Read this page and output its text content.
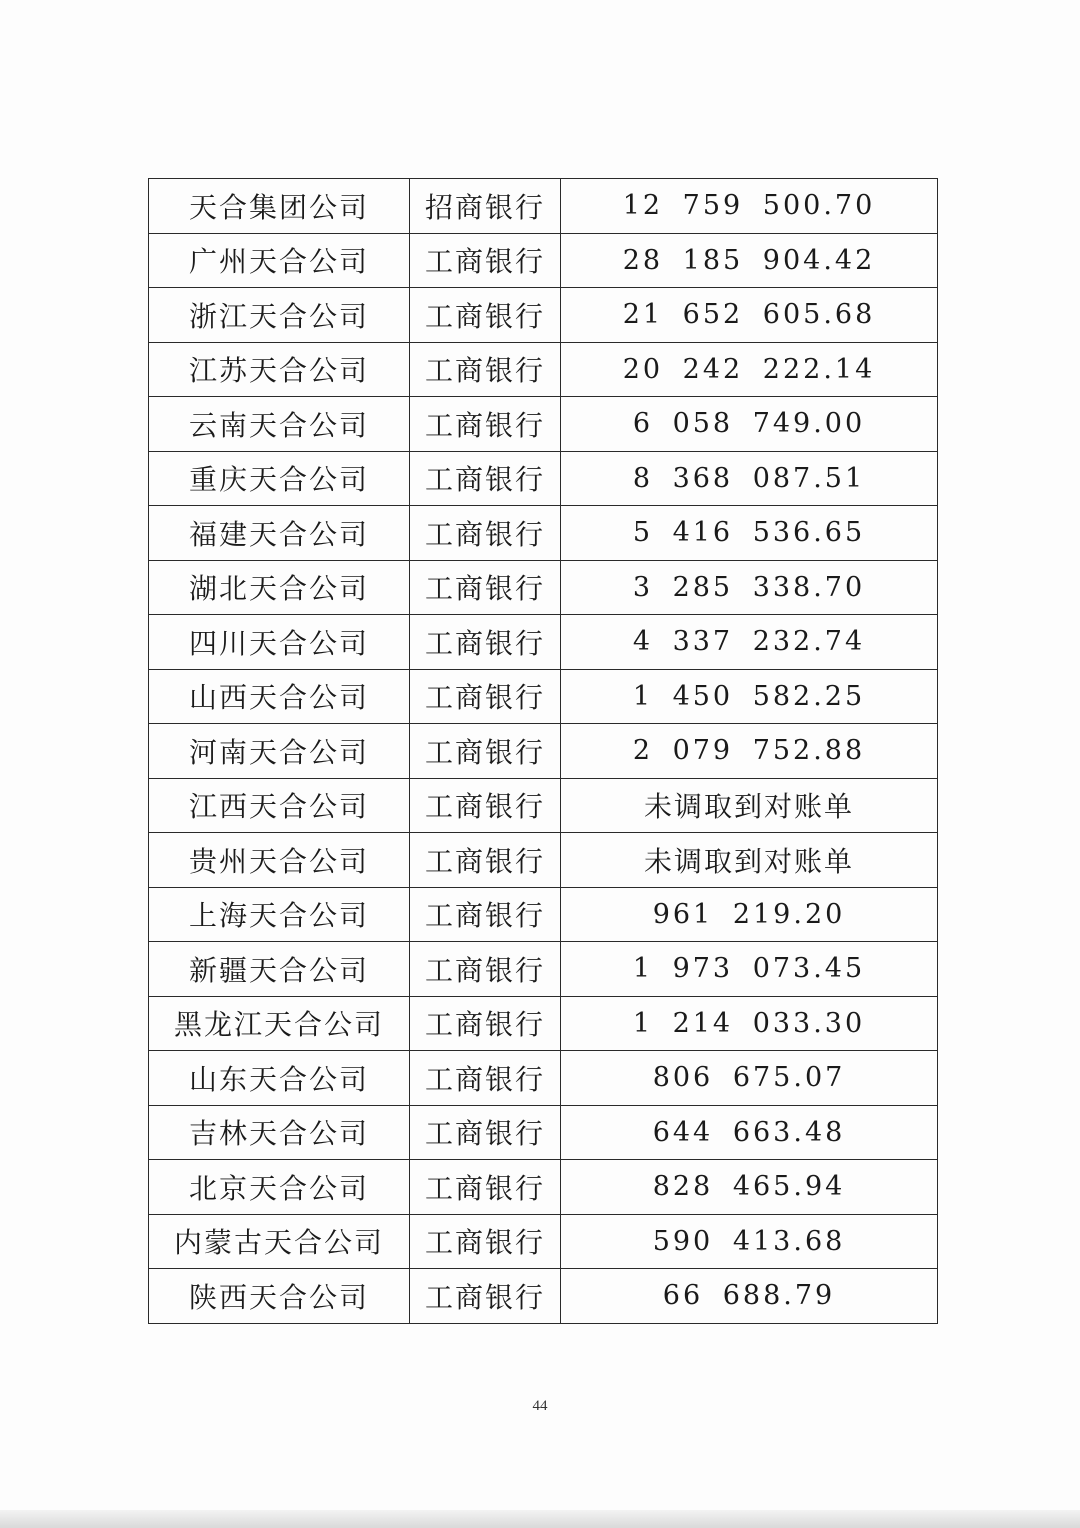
天合集团公司	招商银行	12 759 500.70
广州天合公司	工商银行	28 185 904.42
浙江天合公司	工商银行	21 652 605.68
江苏天合公司	工商银行	20 242 222.14
云南天合公司	工商银行	6 058 749.00
重庆天合公司	工商银行	8 368 087.51
福建天合公司	工商银行	5 416 536.65
湖北天合公司	工商银行	3 285 338.70
四川天合公司	工商银行	4 337 232.74
山西天合公司	工商银行	1 450 582.25
河南天合公司	工商银行	2 079 752.88
江西天合公司	工商银行	未调取到对账单
贵州天合公司	工商银行	未调取到对账单
上海天合公司	工商银行	961 219.20
新疆天合公司	工商银行	1 973 073.45
黑龙江天合公司	工商银行	1 214 033.30
山东天合公司	工商银行	806 675.07
吉林天合公司	工商银行	644 663.48
北京天合公司	工商银行	828 465.94
内蒙古天合公司	工商银行	590 413.68
陕西天合公司	工商银行	66 688.79
44
